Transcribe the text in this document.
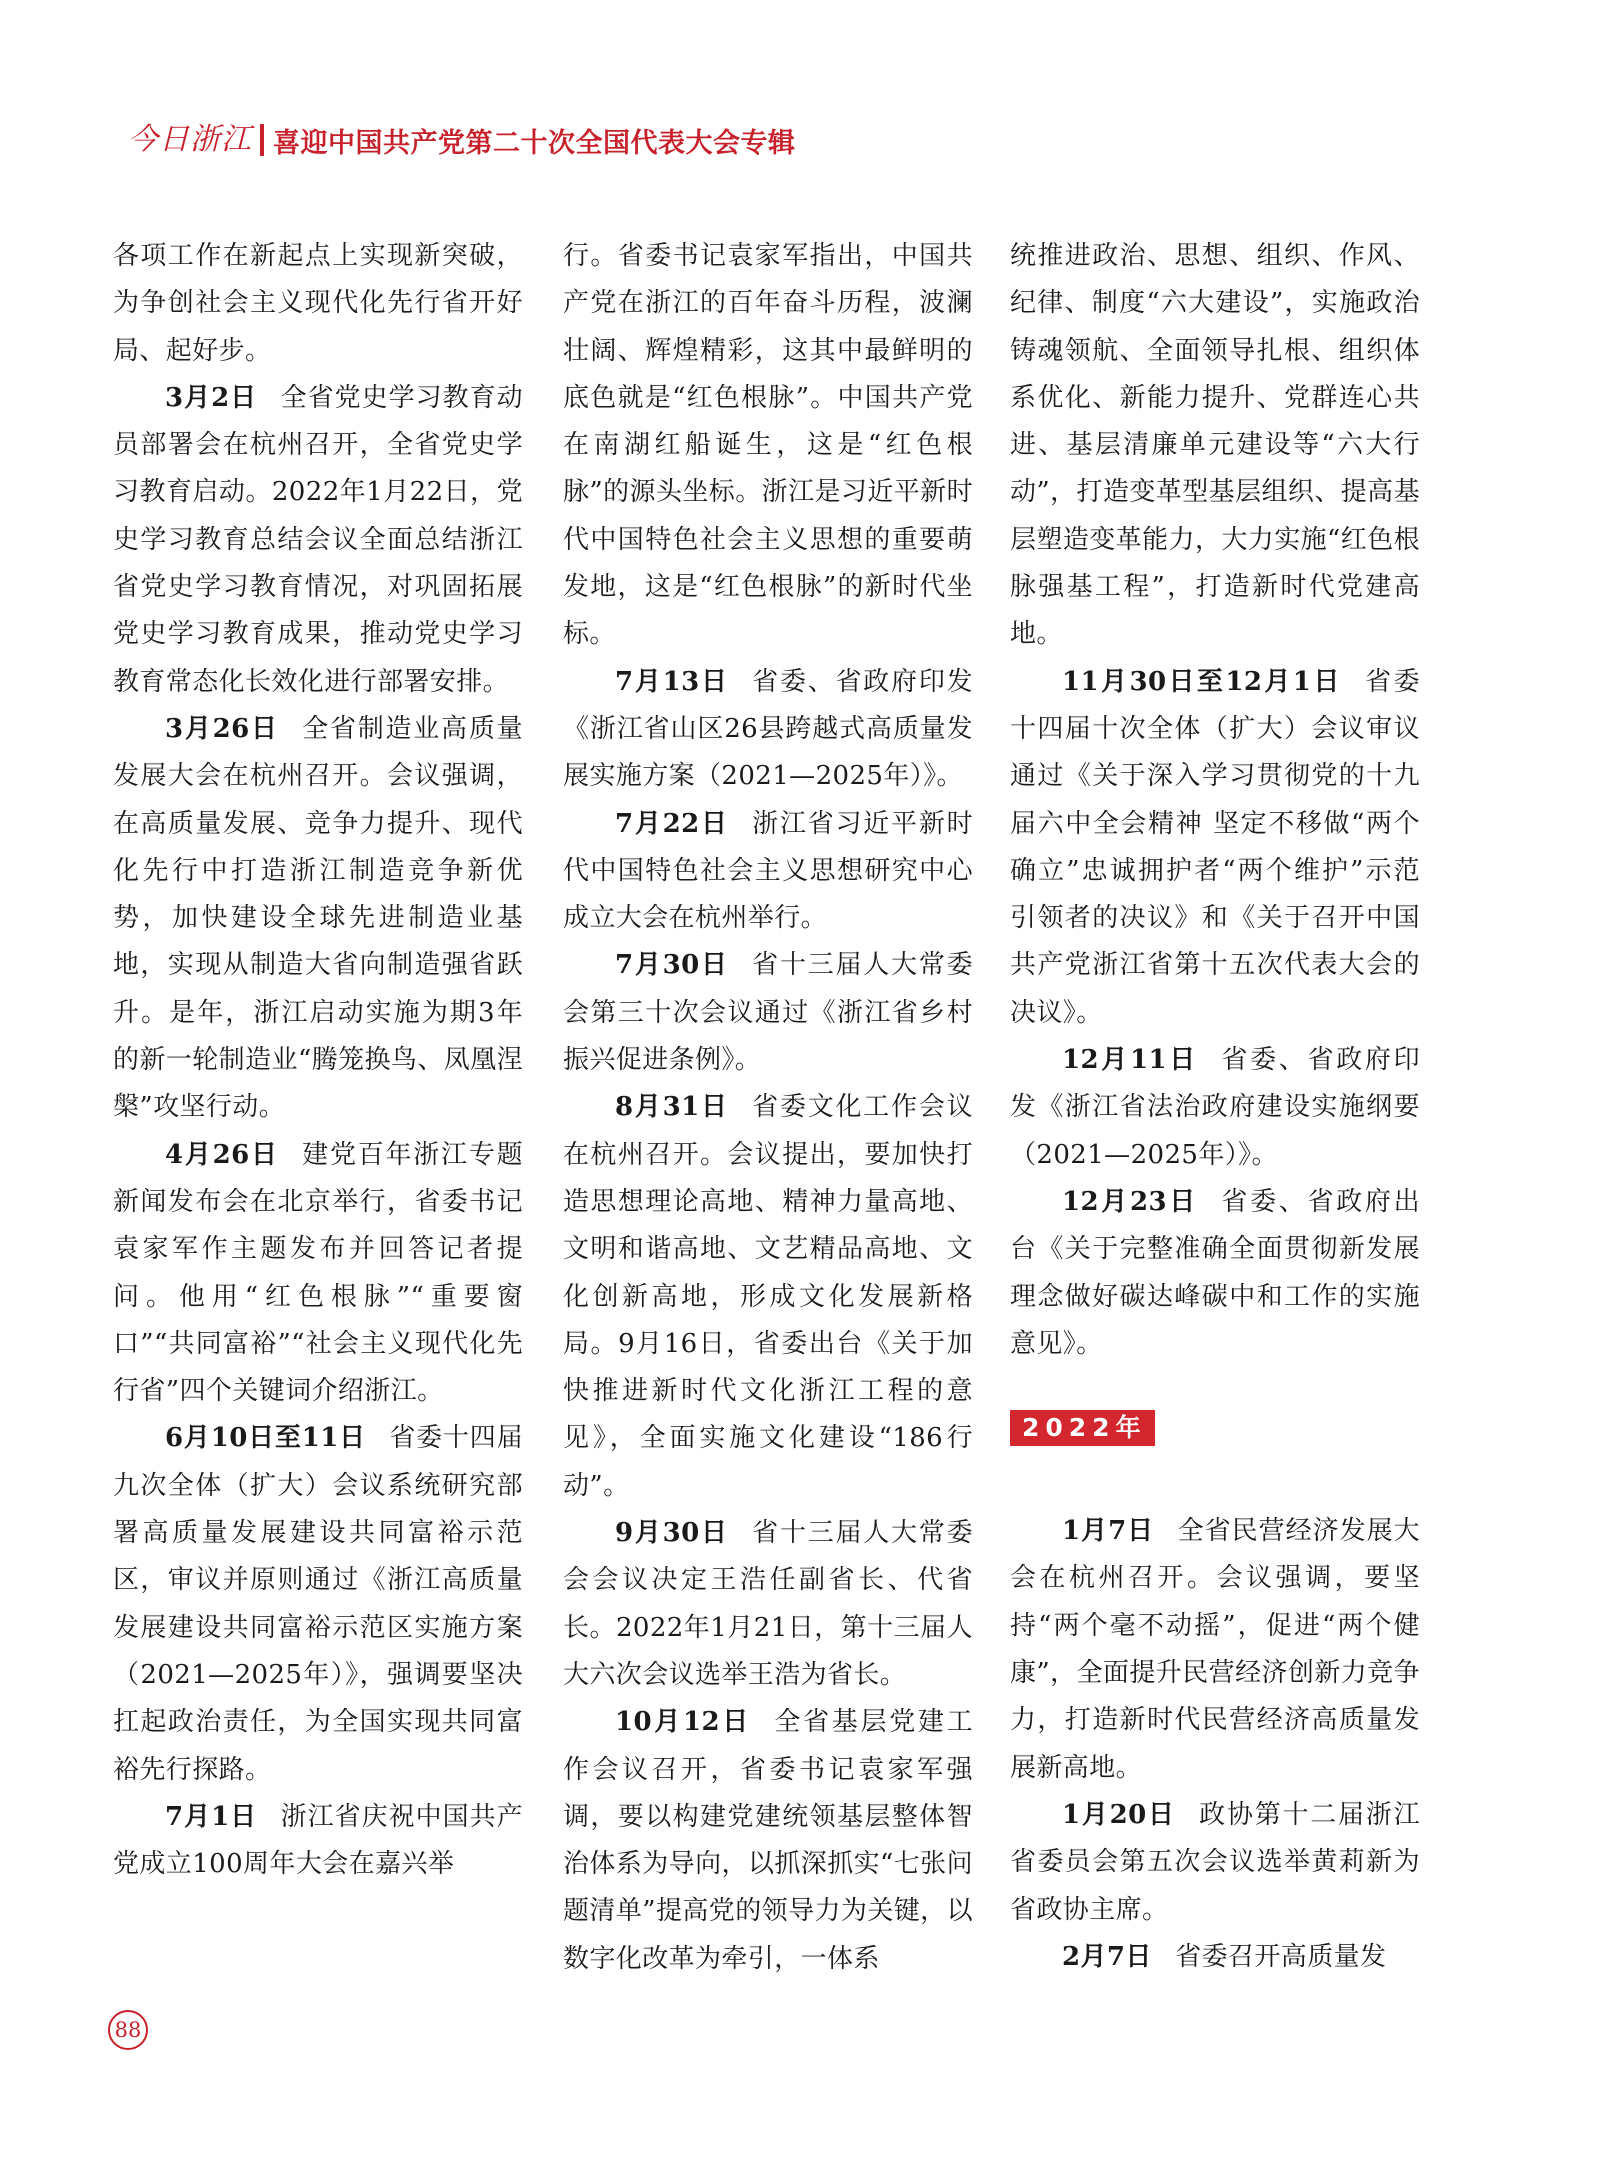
今日浙江 喜迎中国共产党第二十次全国代表大会专辑

各项工作在新起点上实现新突破，为争创社会主义现代化先行省开好局、起好步。

3月2日 全省党史学习教育动员部署会在杭州召开，全省党史学习教育启动。2022年1月22日，党史学习教育总结会议全面总结浙江省党史学习教育情况，对巩固拓展党史学习教育成果，推动党史学习教育常态化长效化进行部署安排。

3月26日 全省制造业高质量发展大会在杭州召开。会议强调，在高质量发展、竞争力提升、现代化先行中打造浙江制造竞争新优势，加快建设全球先进制造业基地，实现从制造大省向制造强省跃升。是年，浙江启动实施为期3年的新一轮制造业“腾笼换鸟、凤凰涅槃”攻坚行动。

4月26日 建党百年浙江专题新闻发布会在北京举行，省委书记袁家军作主题发布并回答记者提问。他用“红色根脉”“重要窗口”“共同富裕”“社会主义现代化先行省”四个关键词介绍浙江。

6月10日至11日 省委十四届九次全体（扩大）会议系统研究部署高质量发展建设共同富裕示范区，审议并原则通过《浙江高质量发展建设共同富裕示范区实施方案（2021—2025年）》，强调要坚决扛起政治责任，为全国实现共同富裕先行探路。

7月1日 浙江省庆祝中国共产党成立100周年大会在嘉兴举

行。省委书记袁家军指出，中国共产党在浙江的百年奋斗历程，波澜壮阔、辉煌精彩，这其中最鲜明的底色就是“红色根脉”。中国共产党在南湖红船诞生，这是“红色根脉”的源头坐标。浙江是习近平新时代中国特色社会主义思想的重要萌发地，这是“红色根脉”的新时代坐标。

7月13日 省委、省政府印发《浙江省山区26县跨越式高质量发展实施方案（2021—2025年）》。

7月22日 浙江省习近平新时代中国特色社会主义思想研究中心成立大会在杭州举行。

7月30日 省十三届人大常委会第三十次会议通过《浙江省乡村振兴促进条例》。

8月31日 省委文化工作会议在杭州召开。会议提出，要加快打造思想理论高地、精神力量高地、文明和谐高地、文艺精品高地、文化创新高地，形成文化发展新格局。9月16日，省委出台《关于加快推进新时代文化浙江工程的意见》，全面实施文化建设“186行动”。

9月30日 省十三届人大常委会会议决定王浩任副省长、代省长。2022年1月21日，第十三届人大六次会议选举王浩为省长。

10月12日 全省基层党建工作会议召开，省委书记袁家军强调，要以构建党建统领基层整体智治体系为导向，以抓深抓实“七张问题清单”提高党的领导力为关键，以数字化改革为牵引，一体系

统推进政治、思想、组织、作风、纪律、制度“六大建设”，实施政治铸魂领航、全面领导扎根、组织体系优化、新能力提升、党群连心共进、基层清廉单元建设等“六大行动”，打造变革型基层组织、提高基层塑造变革能力，大力实施“红色根脉强基工程”，打造新时代党建高地。

11月30日至12月1日 省委十四届十次全体（扩大）会议审议通过《关于深入学习贯彻党的十九届六中全会精神 坚定不移做“两个确立”忠诚拥护者“两个维护”示范引领者的决议》和《关于召开中国共产党浙江省第十五次代表大会的决议》。

12月11日 省委、省政府印发《浙江省法治政府建设实施纲要（2021—2025年）》。

12月23日 省委、省政府出台《关于完整准确全面贯彻新发展理念做好碳达峰碳中和工作的实施意见》。

2022年

1月7日 全省民营经济发展大会在杭州召开。会议强调，要坚持“两个毫不动摇”，促进“两个健康”，全面提升民营经济创新力竞争力，打造新时代民营经济高质量发展新高地。

1月20日 政协第十二届浙江省委员会第五次会议选举黄莉新为省政协主席。

2月7日 省委召开高质量发

88
